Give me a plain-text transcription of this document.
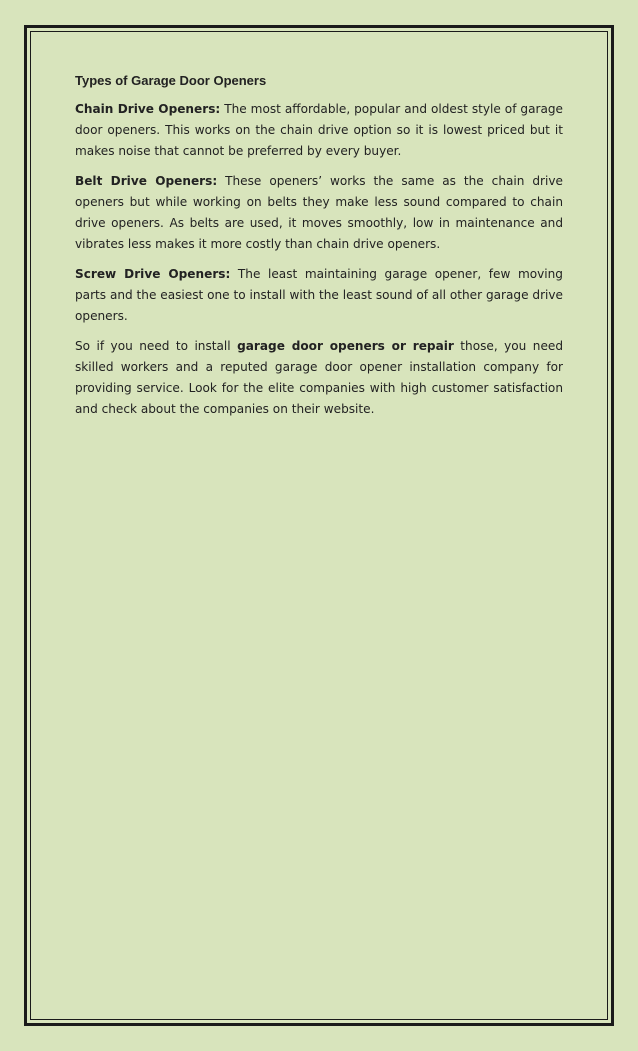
Types of Garage Door Openers

Chain Drive Openers: The most affordable, popular and oldest style of garage door openers. This works on the chain drive option so it is lowest priced but it makes noise that cannot be preferred by every buyer.

Belt Drive Openers: These openers’ works the same as the chain drive openers but while working on belts they make less sound compared to chain drive openers. As belts are used, it moves smoothly, low in maintenance and vibrates less makes it more costly than chain drive openers.

Screw Drive Openers: The least maintaining garage opener, few moving parts and the easiest one to install with the least sound of all other garage drive openers.

So if you need to install garage door openers or repair those, you need skilled workers and a reputed garage door opener installation company for providing service. Look for the elite companies with high customer satisfaction and check about the companies on their website.
